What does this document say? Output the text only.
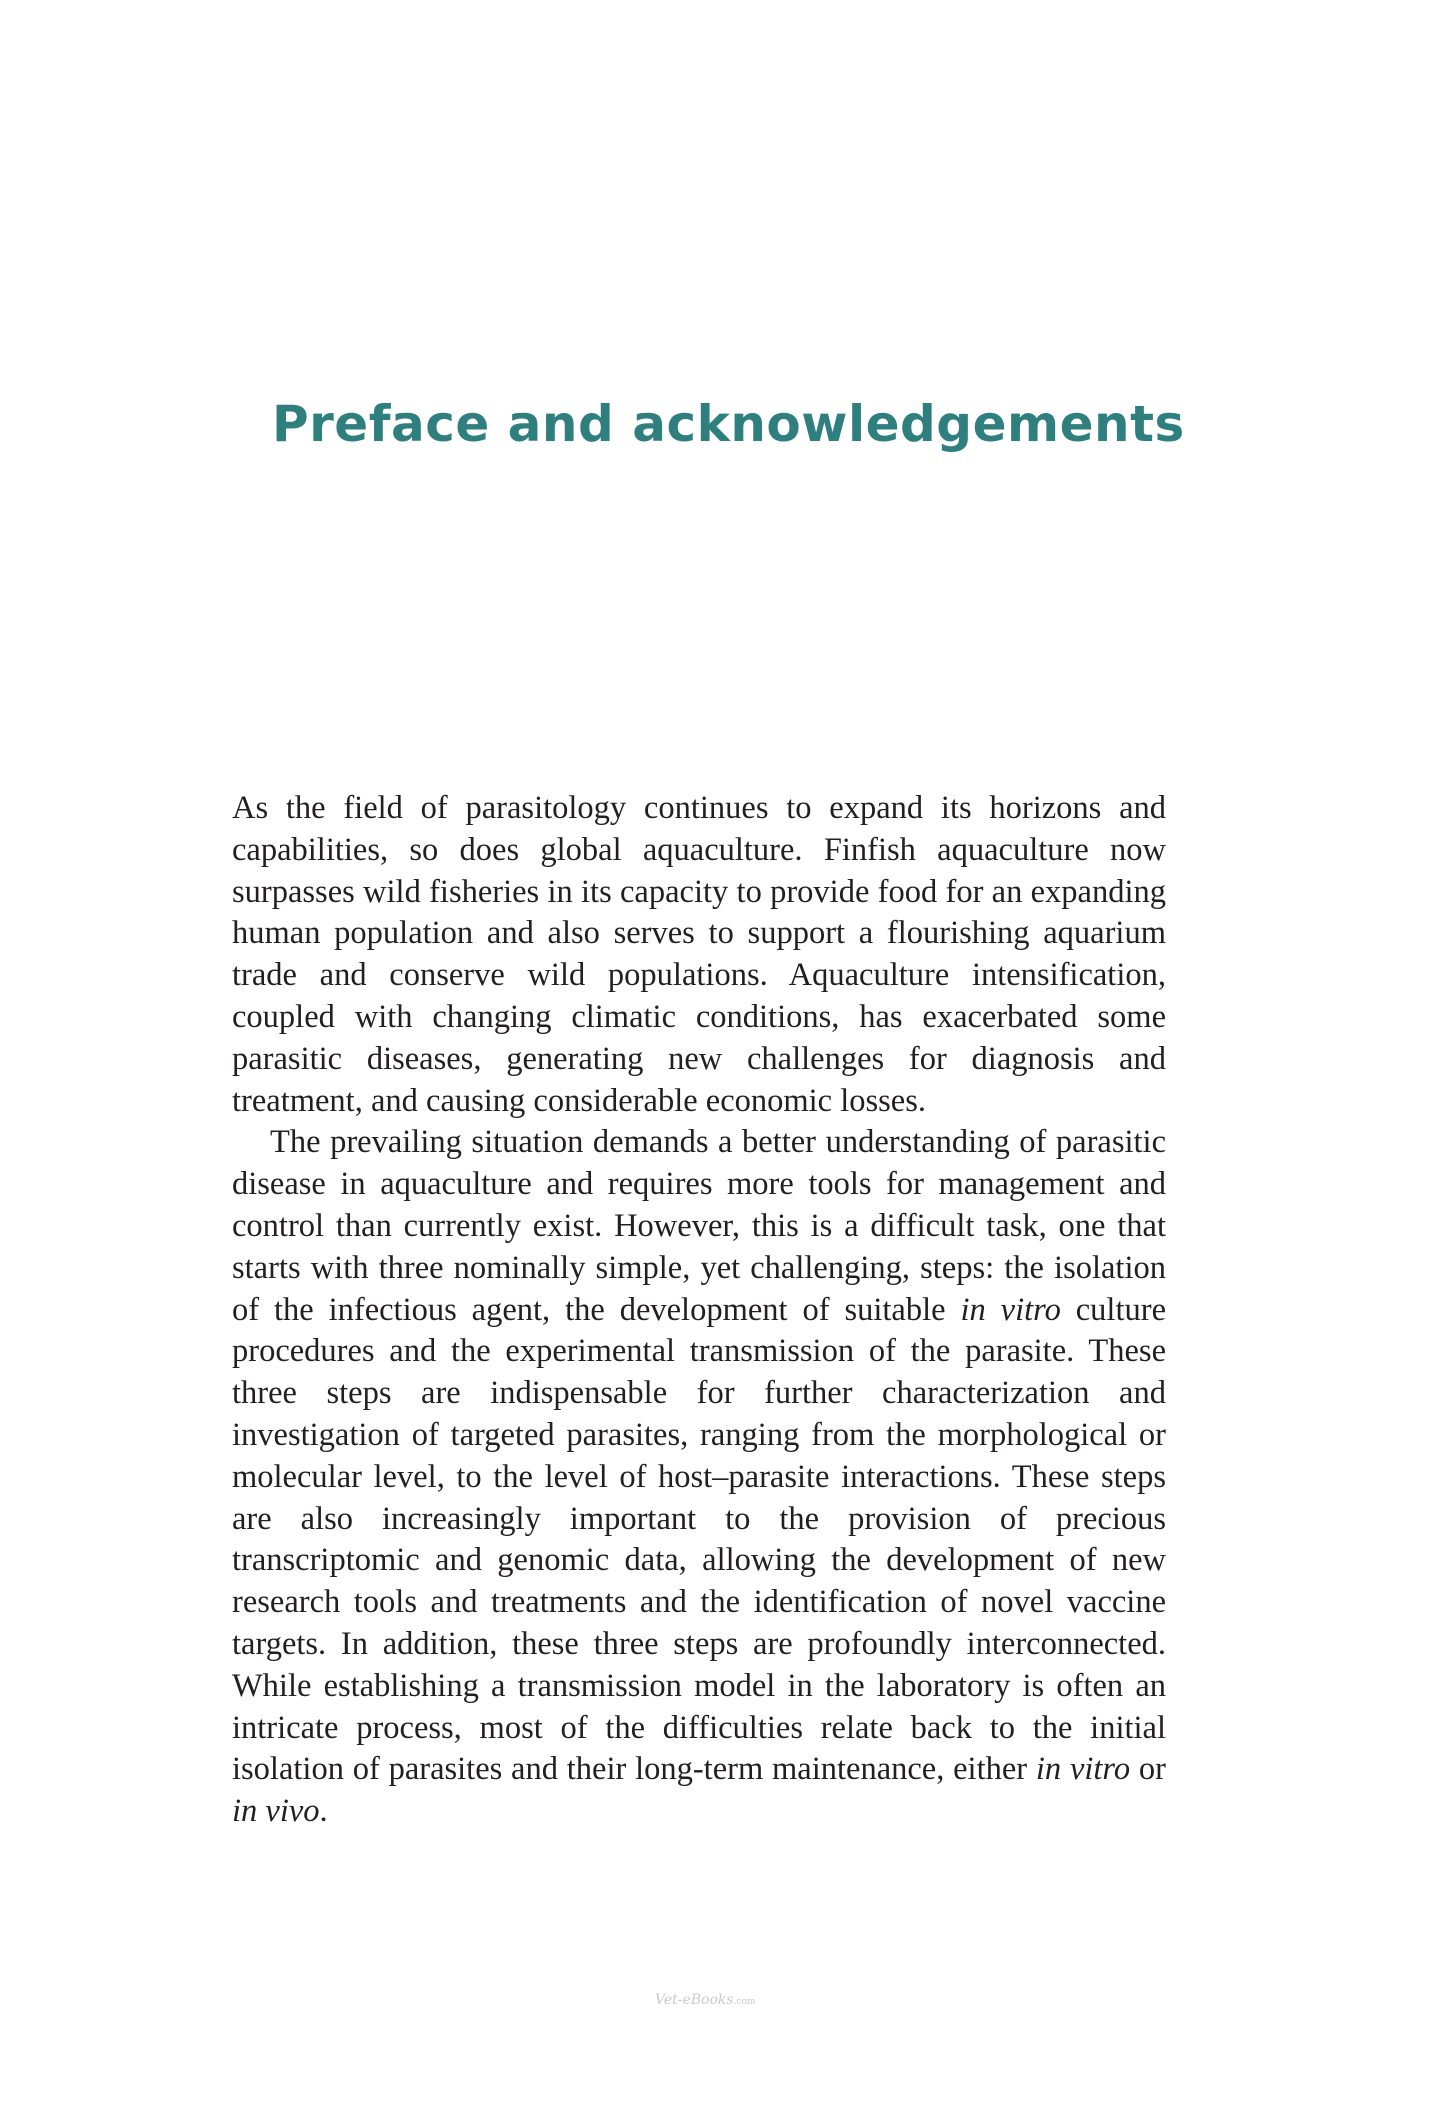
Preface and acknowledgements

As the field of parasitology continues to expand its horizons and capabilities, so does global aquaculture. Finfish aquaculture now surpasses wild fisheries in its capacity to provide food for an expanding human population and also serves to support a flourishing aquarium trade and conserve wild populations. Aquaculture intensification, coupled with changing climatic conditions, has exacerbated some parasitic diseases, generating new challenges for diagnosis and treatment, and causing considerable economic losses.

The prevailing situation demands a better understanding of parasitic disease in aquaculture and requires more tools for management and control than currently exist. However, this is a difficult task, one that starts with three nominally simple, yet challenging, steps: the isolation of the infectious agent, the development of suitable in vitro culture procedures and the experimental transmission of the parasite. These three steps are indispensable for further characterization and investigation of targeted parasites, ranging from the morphological or molecular level, to the level of host–parasite interactions. These steps are also increasingly important to the provision of precious transcriptomic and genomic data, allowing the development of new research tools and treatments and the identification of novel vaccine targets. In addition, these three steps are profoundly interconnected. While establishing a transmission model in the laboratory is often an intricate process, most of the difficulties relate back to the initial isolation of parasites and their long-term maintenance, either in vitro or in vivo.

Vet-eBooks.com
